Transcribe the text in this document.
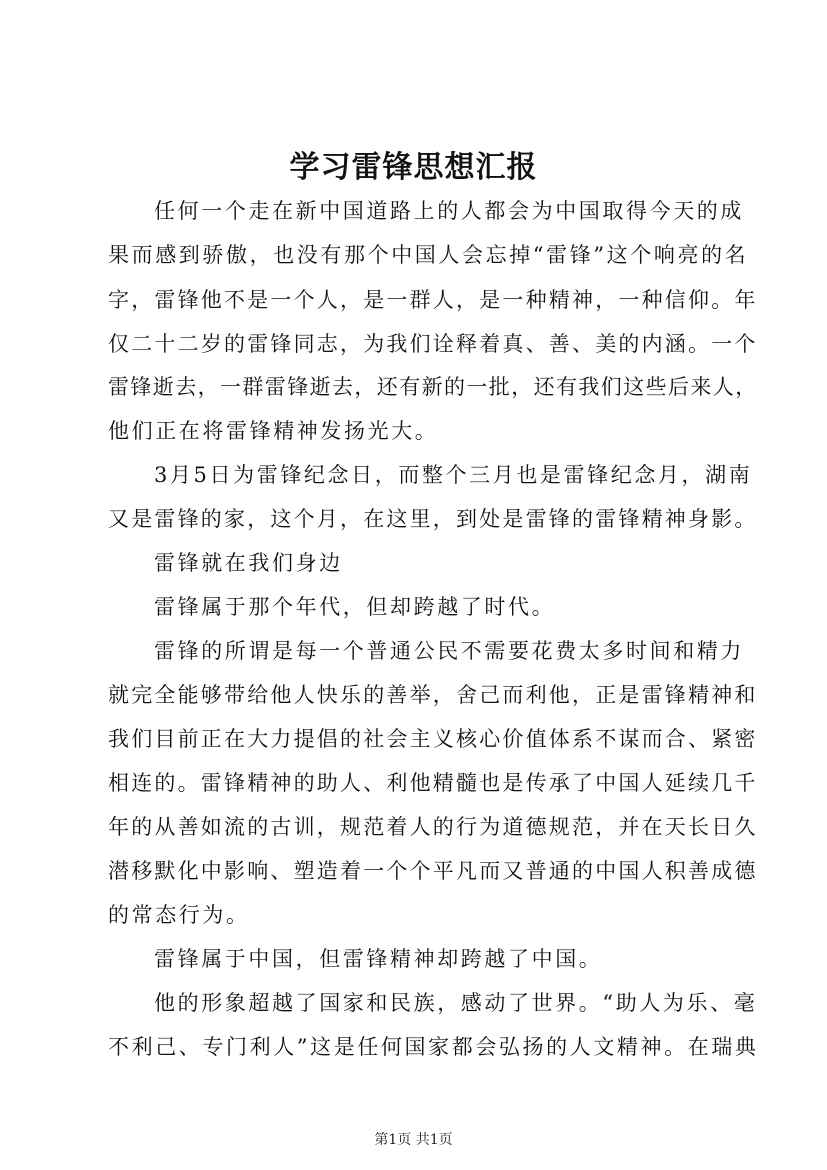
学习雷锋思想汇报
任何一个走在新中国道路上的人都会为中国取得今天的成
果而感到骄傲，也没有那个中国人会忘掉“雷锋”这个响亮的名
字，雷锋他不是一个人，是一群人，是一种精神，一种信仰。年
仅二十二岁的雷锋同志，为我们诠释着真、善、美的内涵。一个
雷锋逝去，一群雷锋逝去，还有新的一批，还有我们这些后来人，
他们正在将雷锋精神发扬光大。
3月5日为雷锋纪念日，而整个三月也是雷锋纪念月，湖南
又是雷锋的家，这个月，在这里，到处是雷锋的雷锋精神身影。
雷锋就在我们身边
雷锋属于那个年代，但却跨越了时代。
雷锋的所谓是每一个普通公民不需要花费太多时间和精力
就完全能够带给他人快乐的善举，舍己而利他，正是雷锋精神和
我们目前正在大力提倡的社会主义核心价值体系不谋而合、紧密
相连的。雷锋精神的助人、利他精髓也是传承了中国人延续几千
年的从善如流的古训，规范着人的行为道德规范，并在天长日久
潜移默化中影响、塑造着一个个平凡而又普通的中国人积善成德
的常态行为。
雷锋属于中国，但雷锋精神却跨越了中国。
他的形象超越了国家和民族，感动了世界。“助人为乐、毫
不利己、专门利人”这是任何国家都会弘扬的人文精神。在瑞典
第1页 共1页
